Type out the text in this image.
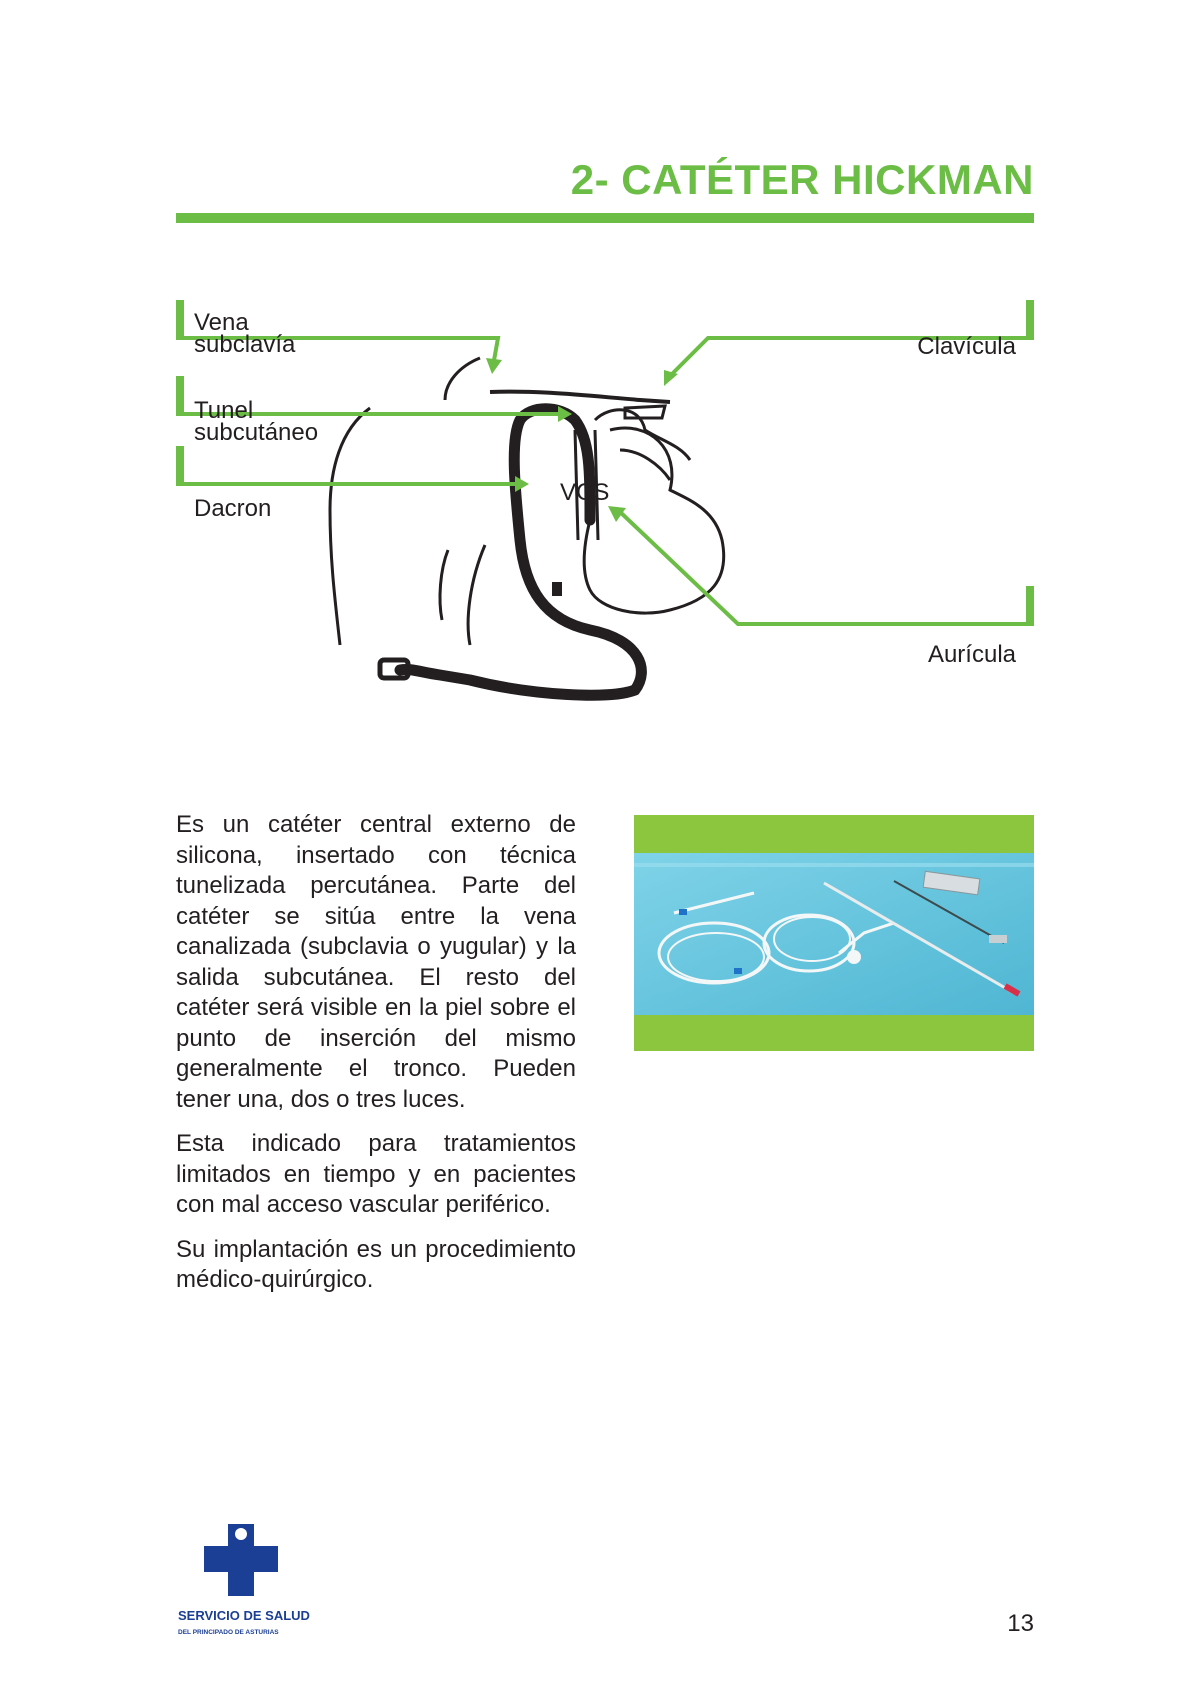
2- CATÉTER HICKMAN
Vena
subclavía
Tunel
subcutáneo
Dacron
Clavícula
Aurícula
VCS

Es un catéter central externo de silicona, insertado con técnica tunelizada percutánea. Parte del catéter se sitúa entre la vena canalizada (subclavia o yugular) y la salida subcutánea. El resto del catéter será visible en la piel sobre el punto de inserción del mismo generalmente el tronco. Pueden tener una, dos o tres luces.

Esta indicado para tratamientos limitados en tiempo y en pacientes con mal acceso vascular periférico.

Su implantación es un procedimiento médico-quirúrgico.

SERVICIO DE SALUD
DEL PRINCIPADO DE ASTURIAS	13
